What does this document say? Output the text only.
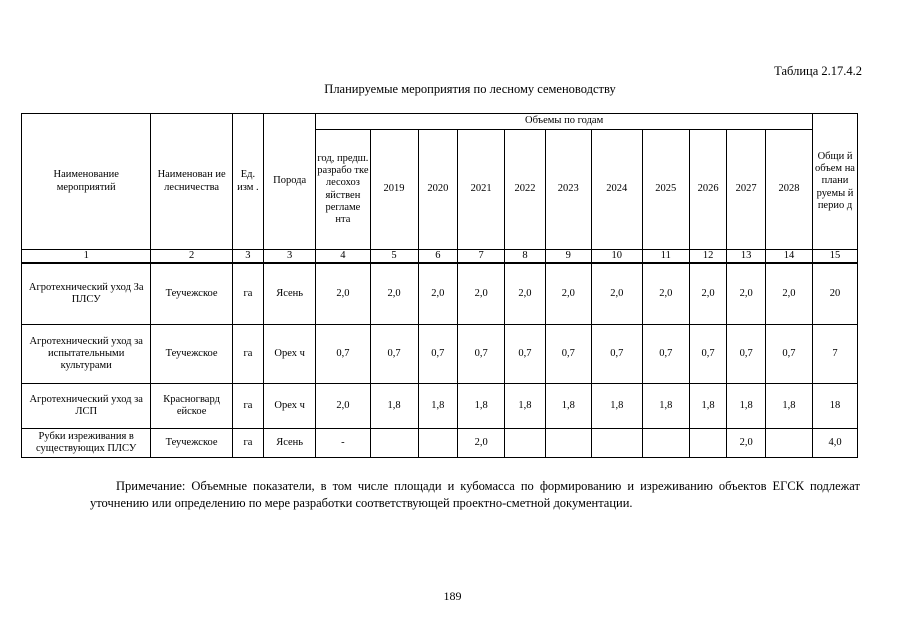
Таблица 2.17.4.2
Планируемые мероприятия по лесному семеноводству
Наименование мероприятий	Наименован ие лесничества	Ед. изм .	Порода	Объемы по годам											Общи й объем на плани руемы й перио д
				год, предш. разрабо тке лесохоз яйствен регламе нта	2019	2020	2021	2022	2023	2024	2025	2026	2027	2028	
1	2	3	3	4	5	6	7	8	9	10	11	12	13	14	15
Агротехнический уход За ПЛСУ	Теучежское	га	Ясень	2,0	2,0	2,0	2,0	2,0	2,0	2,0	2,0	2,0	2,0	2,0	20
Агротехнический уход за испытательными культурами	Теучежское	га	Орех ч	0,7	0,7	0,7	0,7	0,7	0,7	0,7	0,7	0,7	0,7	0,7	7
Агротехнический уход за ЛСП	Красногвард ейское	га	Орех ч	2,0	1,8	1,8	1,8	1,8	1,8	1,8	1,8	1,8	1,8	1,8	18
Рубки изреживания в существующих ПЛСУ	Теучежское	га	Ясень	-			2,0						2,0		4,0
Примечание: Объемные показатели, в том числе площади и кубомасса по формированию и изреживанию объектов ЕГСК подлежат уточнению или определению по мере разработки соответствующей проектно-сметной документации.
189
